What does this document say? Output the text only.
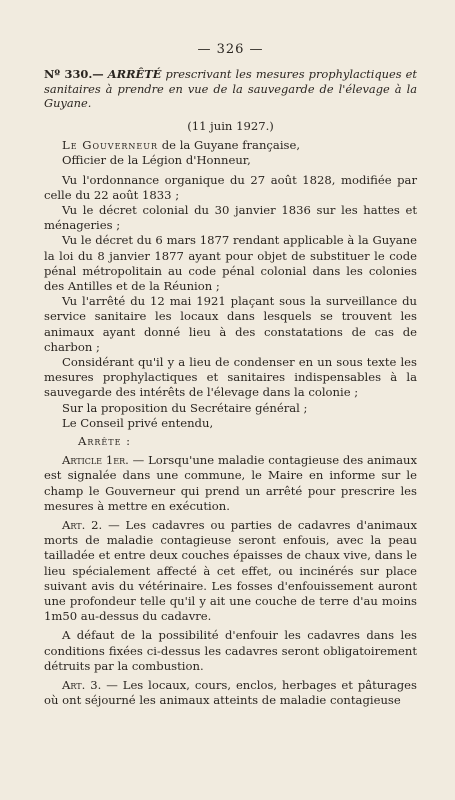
— 326 —
Nº 330.— ARRÊTÉ prescrivant les mesures prophylactiques et sanitaires à prendre en vue de la sauvegarde de l'élevage à la Guyane.
(11 juin 1927.)

Le Gouverneur de la Guyane française,

Officier de la Légion d'Honneur,

Vu l'ordonnance organique du 27 août 1828, modifiée par celle du 22 août 1833 ;

Vu le décret colonial du 30 janvier 1836 sur les hattes et ménageries ;

Vu le décret du 6 mars 1877 rendant applicable à la Guyane la loi du 8 janvier 1877 ayant pour objet de substituer le code pénal métropolitain au code pénal colonial dans les colonies des Antilles et de la Réunion ;

Vu l'arrêté du 12 mai 1921 plaçant sous la surveillance du service sanitaire les locaux dans lesquels se trouvent les animaux ayant donné lieu à des constatations de cas de charbon ;

Considérant qu'il y a lieu de condenser en un sous texte les mesures prophylactiques et sanitaires indispensables à la sauvegarde des intérêts de l'élevage dans la colonie ;

Sur la proposition du Secrétaire général ;

Le Conseil privé entendu,

Arrête :

Article 1er. — Lorsqu'une maladie contagieuse des animaux est signalée dans une commune, le Maire en informe sur le champ le Gouverneur qui prend un arrêté pour prescrire les mesures à mettre en exécution.

Art. 2. — Les cadavres ou parties de cadavres d'animaux morts de maladie contagieuse seront enfouis, avec la peau tailladée et entre deux couches épaisses de chaux vive, dans le lieu spécialement affecté à cet effet, ou incinérés sur place suivant avis du vétérinaire. Les fosses d'enfouissement auront une profondeur telle qu'il y ait une couche de terre d'au moins 1m50 au-dessus du cadavre.

A défaut de la possibilité d'enfouir les cadavres dans les conditions fixées ci-dessus les cadavres seront obligatoirement détruits par la combustion.

Art. 3. — Les locaux, cours, enclos, herbages et pâturages où ont séjourné les animaux atteints de maladie contagieuse
